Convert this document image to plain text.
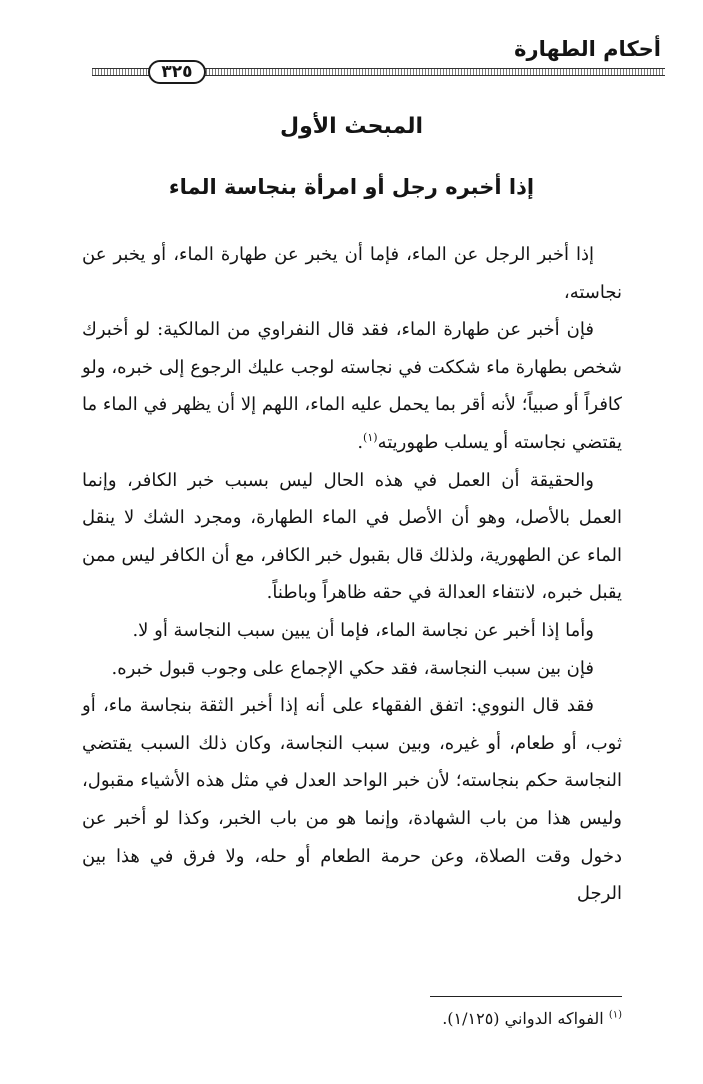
أحكام الطهارة
٣٢٥
المبحث الأول
إذا أخبره رجل أو امرأة بنجاسة الماء

إذا أخبر الرجل عن الماء، فإما أن يخبر عن طهارة الماء، أو يخبر عن نجاسته،

فإن أخبر عن طهارة الماء، فقد قال النفراوي من المالكية: لو أخبرك شخص بطهارة ماء شككت في نجاسته لوجب عليك الرجوع إلى خبره، ولو كافراً أو صبياً؛ لأنه أقر بما يحمل عليه الماء، اللهم إلا أن يظهر في الماء ما يقتضي نجاسته أو يسلب طهوريته$^{(١)}$.

والحقيقة أن العمل في هذه الحال ليس بسبب خبر الكافر، وإنما العمل بالأصل، وهو أن الأصل في الماء الطهارة، ومجرد الشك لا ينقل الماء عن الطهورية، ولذلك قال بقبول خبر الكافر، مع أن الكافر ليس ممن يقبل خبره، لانتفاء العدالة في حقه ظاهراً وباطناً.

وأما إذا أخبر عن نجاسة الماء، فإما أن يبين سبب النجاسة أو لا.

فإن بين سبب النجاسة، فقد حكي الإجماع على وجوب قبول خبره.

فقد قال النووي: اتفق الفقهاء على أنه إذا أخبر الثقة بنجاسة ماء، أو ثوب، أو طعام، أو غيره، وبين سبب النجاسة، وكان ذلك السبب يقتضي النجاسة حكم بنجاسته؛ لأن خبر الواحد العدل في مثل هذه الأشياء مقبول، وليس هذا من باب الشهادة، وإنما هو من باب الخبر، وكذا لو أخبر عن دخول وقت الصلاة، وعن حرمة الطعام أو حله، ولا فرق في هذا بين الرجل

$^{(١)}$ الفواكه الدواني (١/١٢٥).
